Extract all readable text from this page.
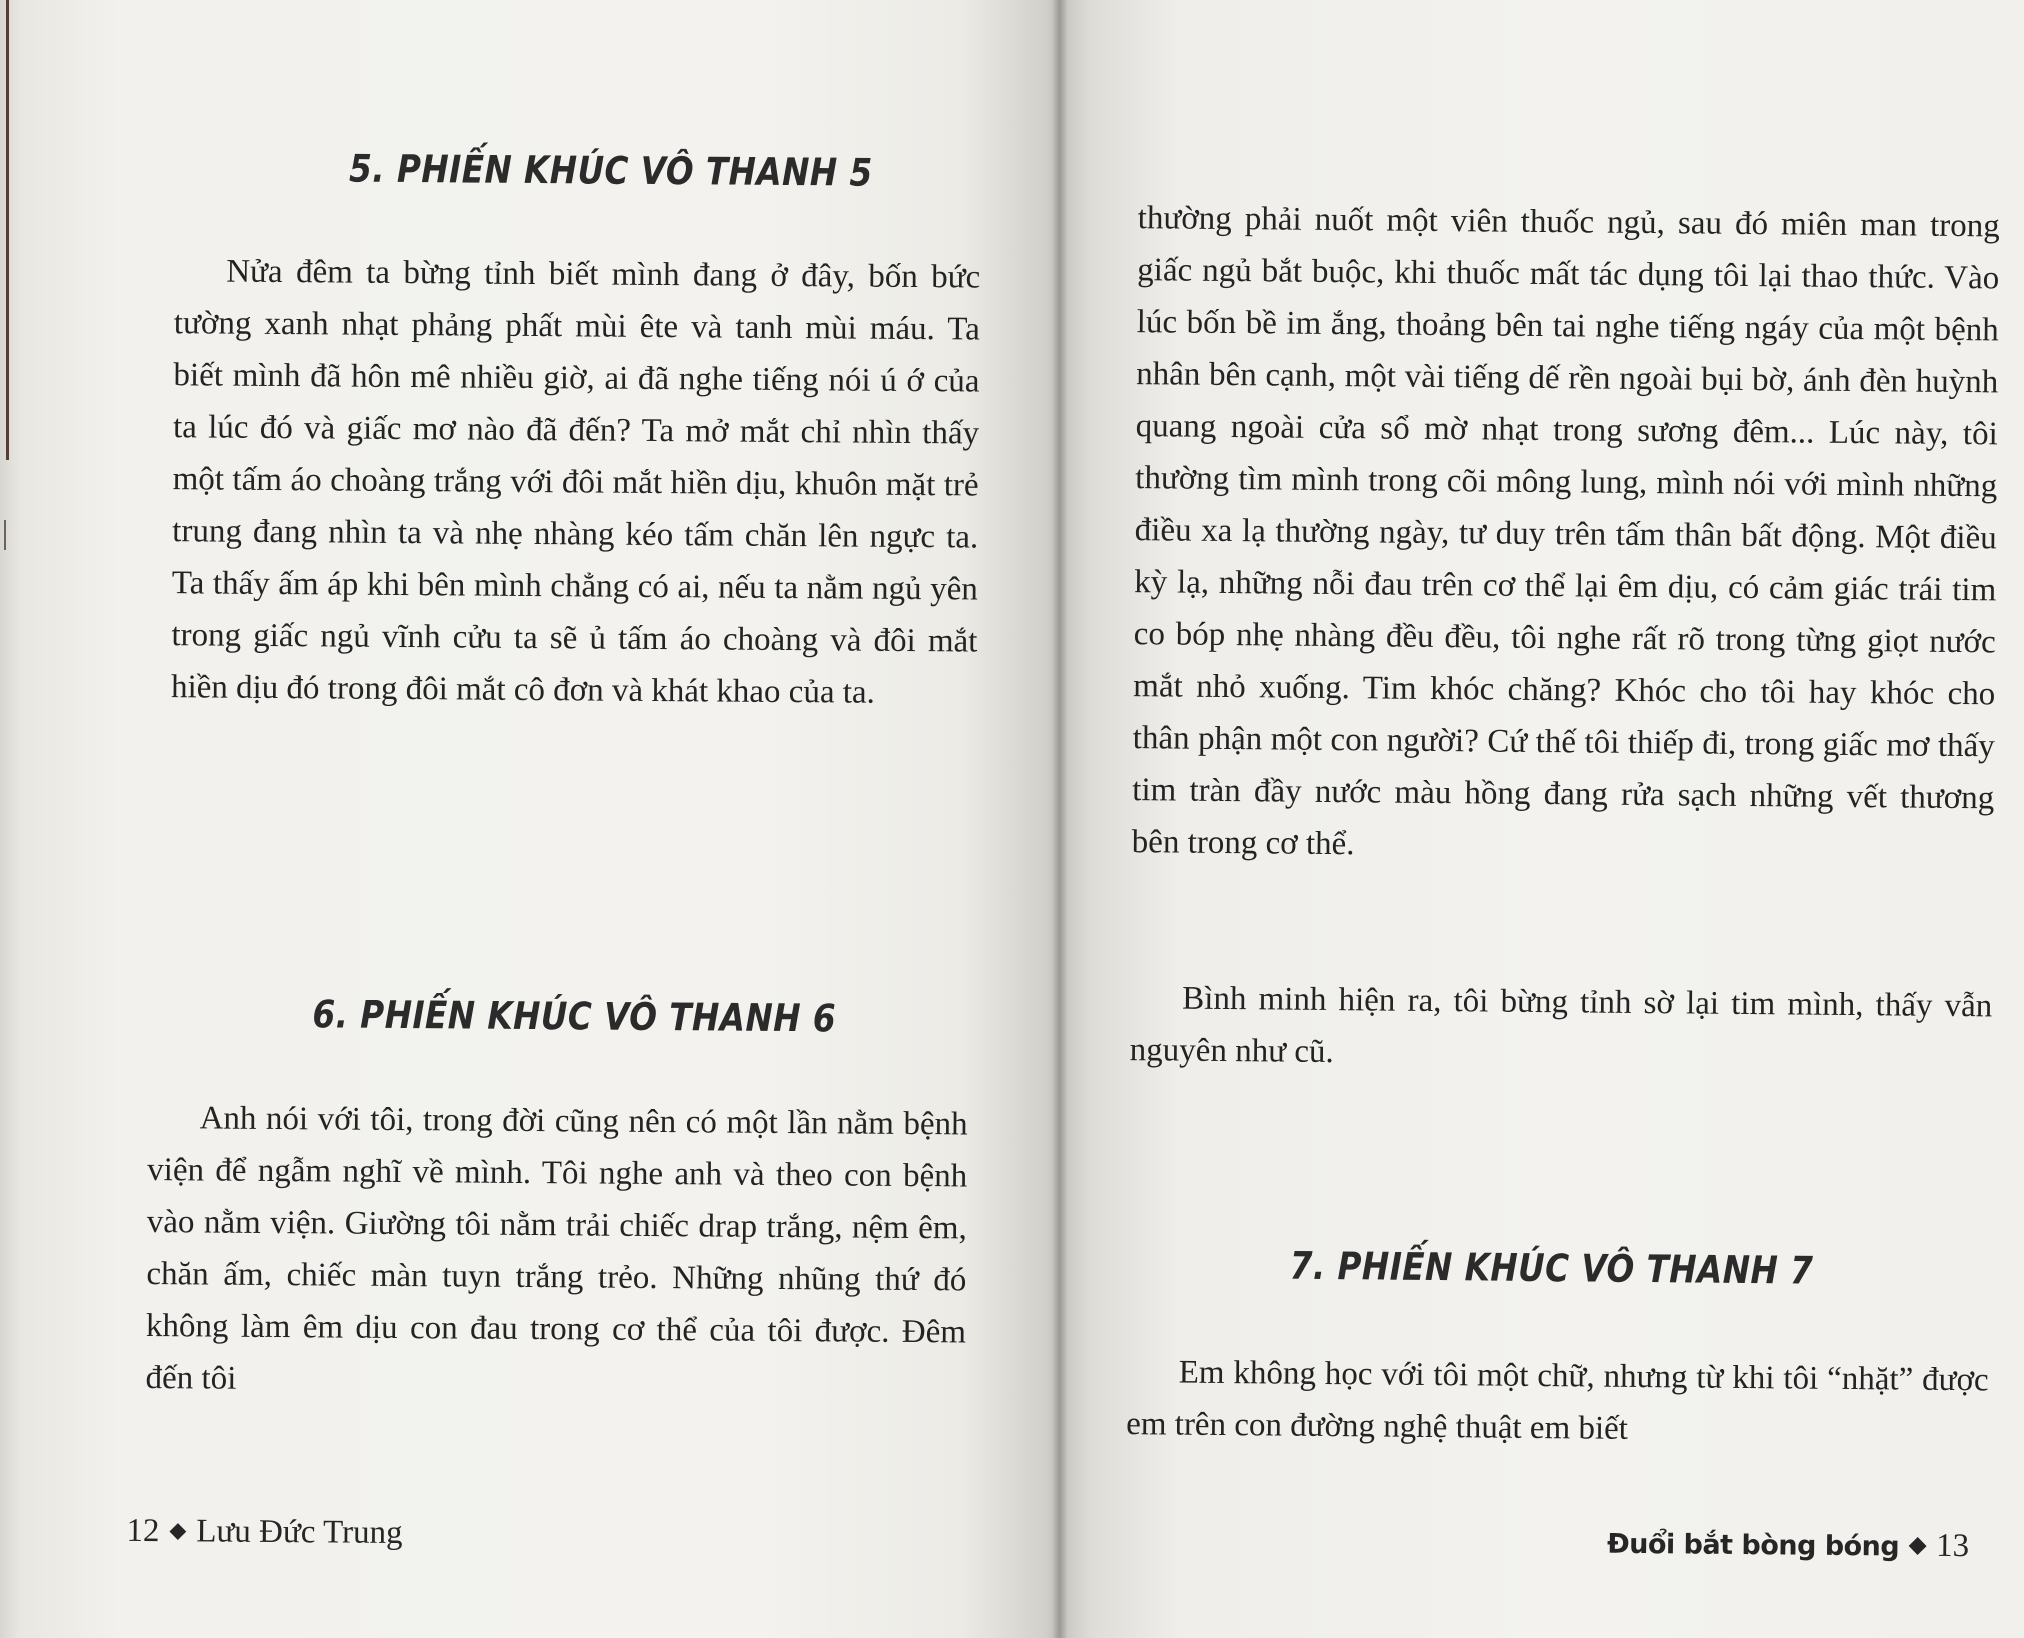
5. PHIẾN KHÚC VÔ THANH 5

Nửa đêm ta bừng tỉnh biết mình đang ở đây, bốn bức tường xanh nhạt phảng phất mùi ête và tanh mùi máu. Ta biết mình đã hôn mê nhiều giờ, ai đã nghe tiếng nói ú ớ của ta lúc đó và giấc mơ nào đã đến? Ta mở mắt chỉ nhìn thấy một tấm áo choàng trắng với đôi mắt hiền dịu, khuôn mặt trẻ trung đang nhìn ta và nhẹ nhàng kéo tấm chăn lên ngực ta. Ta thấy ấm áp khi bên mình chẳng có ai, nếu ta nằm ngủ yên trong giấc ngủ vĩnh cửu ta sẽ ủ tấm áo choàng và đôi mắt hiền dịu đó trong đôi mắt cô đơn và khát khao của ta.

6. PHIẾN KHÚC VÔ THANH 6

Anh nói với tôi, trong đời cũng nên có một lần nằm bệnh viện để ngẫm nghĩ về mình. Tôi nghe anh và theo con bệnh vào nằm viện. Giường tôi nằm trải chiếc drap trắng, nệm êm, chăn ấm, chiếc màn tuyn trắng trẻo. Những nhũng thứ đó không làm êm dịu con đau trong cơ thể của tôi được. Đêm đến tôi

12 ◆ Lưu Đức Trung

thường phải nuốt một viên thuốc ngủ, sau đó miên man trong giấc ngủ bắt buộc, khi thuốc mất tác dụng tôi lại thao thức. Vào lúc bốn bề im ắng, thoảng bên tai nghe tiếng ngáy của một bệnh nhân bên cạnh, một vài tiếng dế rền ngoài bụi bờ, ánh đèn huỳnh quang ngoài cửa sổ mờ nhạt trong sương đêm... Lúc này, tôi thường tìm mình trong cõi mông lung, mình nói với mình những điều xa lạ thường ngày, tư duy trên tấm thân bất động. Một điều kỳ lạ, những nỗi đau trên cơ thể lại êm dịu, có cảm giác trái tim co bóp nhẹ nhàng đều đều, tôi nghe rất rõ trong từng giọt nước mắt nhỏ xuống. Tim khóc chăng? Khóc cho tôi hay khóc cho thân phận một con người? Cứ thế tôi thiếp đi, trong giấc mơ thấy tim tràn đầy nước màu hồng đang rửa sạch những vết thương bên trong cơ thể.

Bình minh hiện ra, tôi bừng tỉnh sờ lại tim mình, thấy vẫn nguyên như cũ.

7. PHIẾN KHÚC VÔ THANH 7

Em không học với tôi một chữ, nhưng từ khi tôi “nhặt” được em trên con đường nghệ thuật em biết

Đuổi bắt bòng bóng ◆ 13
